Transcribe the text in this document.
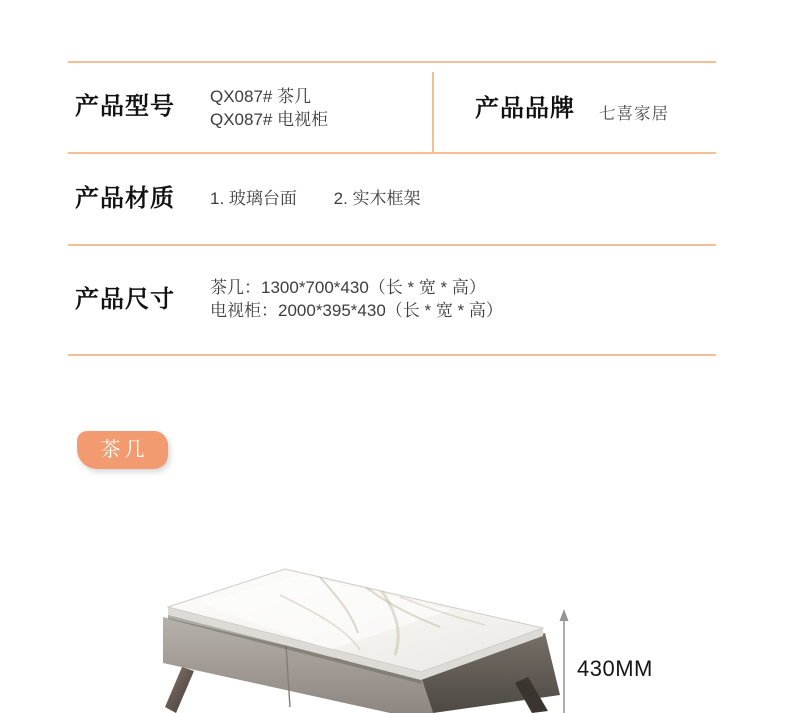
产品型号 QX087# 茶几
QX087# 电视柜	产品品牌 七喜家居
产品材质 1. 玻璃台面 2. 实木框架
产品尺寸 茶几：1300*700*430（长 * 宽 * 高）
电视柜：2000*395*430（长 * 宽 * 高）
茶几
430MM
